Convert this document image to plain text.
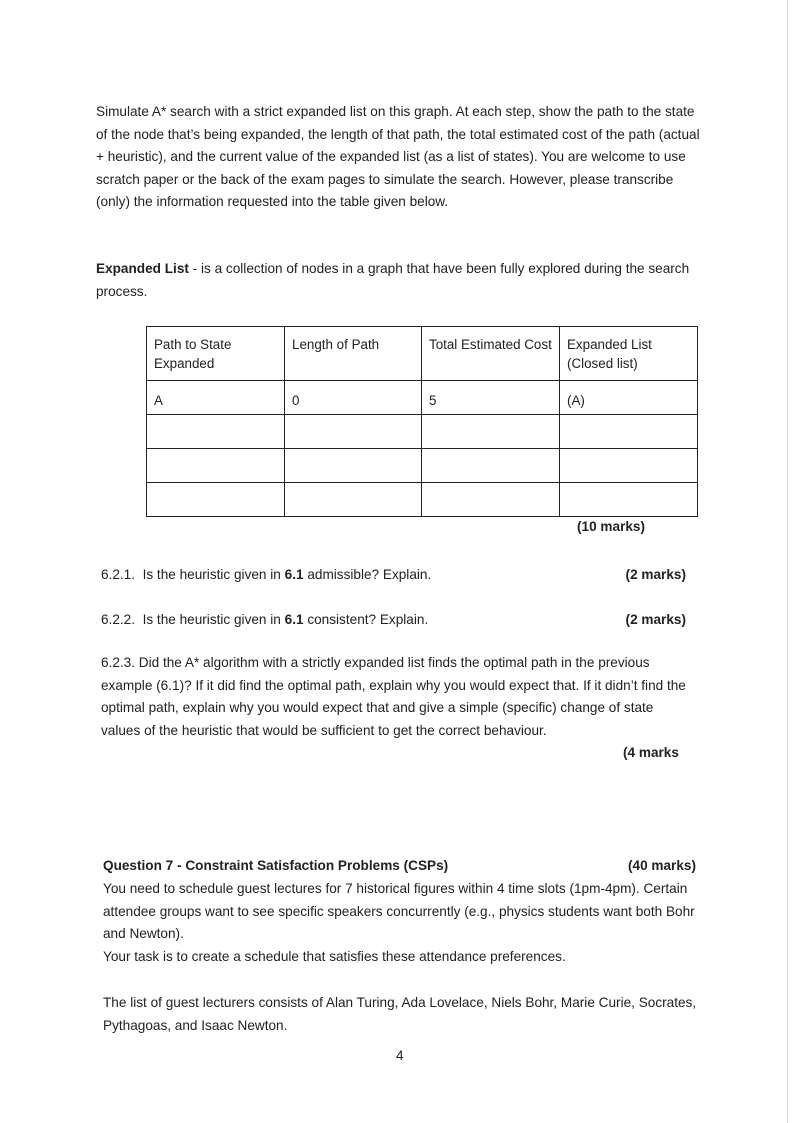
Simulate A* search with a strict expanded list on this graph. At each step, show the path to the state of the node that’s being expanded, the length of that path, the total estimated cost of the path (actual + heuristic), and the current value of the expanded list (as a list of states). You are welcome to use scratch paper or the back of the exam pages to simulate the search. However, please transcribe (only) the information requested into the table given below.
Expanded List - is a collection of nodes in a graph that have been fully explored during the search process.
Path to State Expanded	Length of Path	Total Estimated Cost	Expanded List (Closed list)
A	0	5	(A)

(10 marks)
6.2.1. Is the heuristic given in 6.1 admissible? Explain.	(2 marks)
6.2.2. Is the heuristic given in 6.1 consistent? Explain.	(2 marks)
6.2.3. Did the A* algorithm with a strictly expanded list finds the optimal path in the previous example (6.1)? If it did find the optimal path, explain why you would expect that. If it didn’t find the optimal path, explain why you would expect that and give a simple (specific) change of state values of the heuristic that would be sufficient to get the correct behaviour.
(4 marks
Question 7 - Constraint Satisfaction Problems (CSPs)	(40 marks)
You need to schedule guest lectures for 7 historical figures within 4 time slots (1pm-4pm). Certain attendee groups want to see specific speakers concurrently (e.g., physics students want both Bohr and Newton).
Your task is to create a schedule that satisfies these attendance preferences.
The list of guest lecturers consists of Alan Turing, Ada Lovelace, Niels Bohr, Marie Curie, Socrates, Pythagoas, and Isaac Newton.
4
